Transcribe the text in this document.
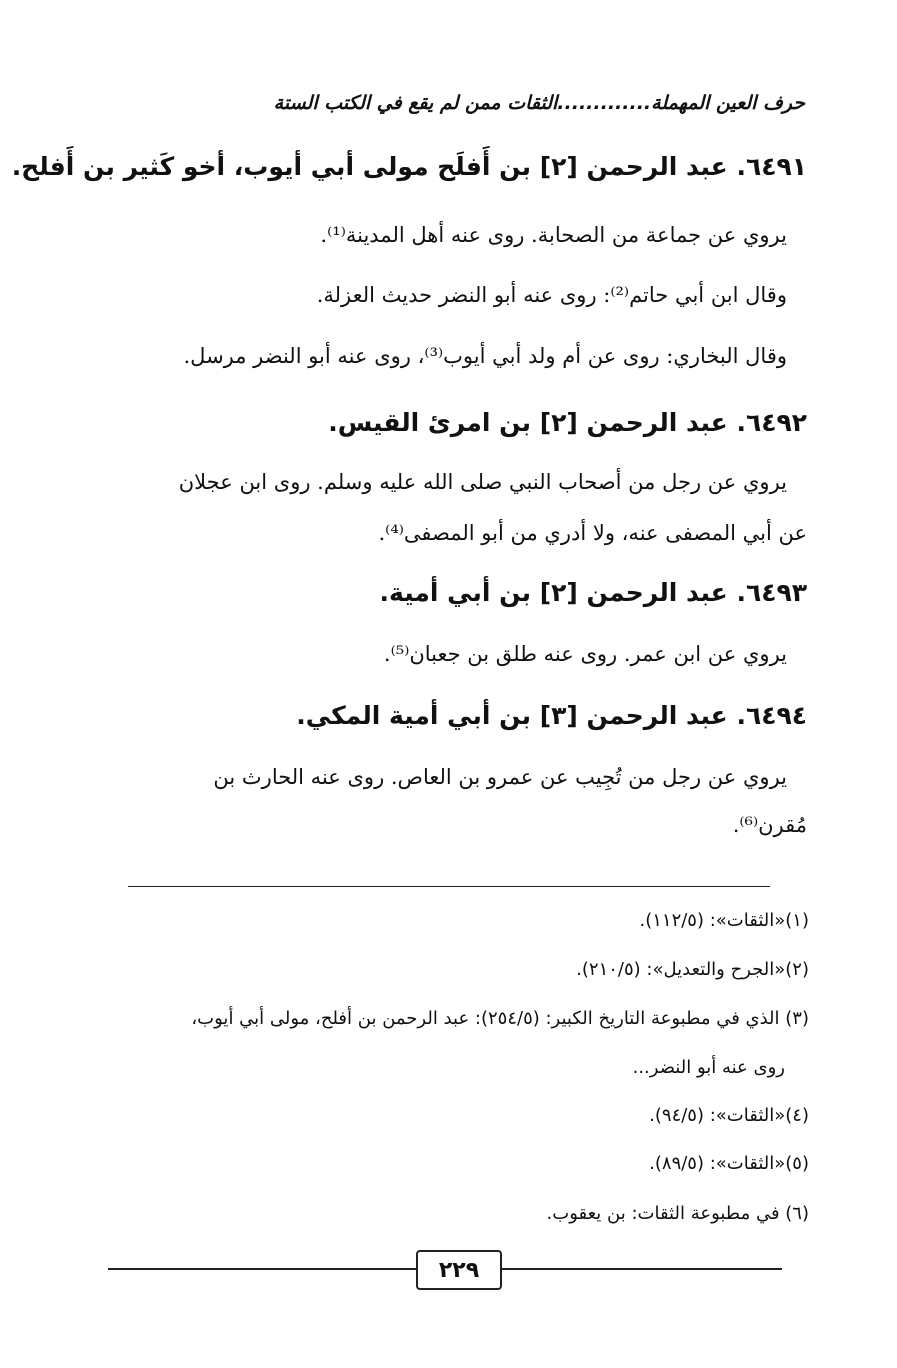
حرف العين المهملة.............الثقات ممن لم يقع في الكتب الستة
٦٤٩١. عبد الرحمن [٢] بن أَفلَح مولى أبي أيوب، أخو كَثير بن أَفلح.
يروي عن جماعة من الصحابة. روى عنه أهل المدينة⁽¹⁾.
وقال ابن أبي حاتم⁽²⁾: روى عنه أبو النضر حديث العزلة.
وقال البخاري: روى عن أم ولد أبي أيوب⁽³⁾، روى عنه أبو النضر مرسل.
٦٤٩٢. عبد الرحمن [٢] بن امرئ القيس.
يروي عن رجل من أصحاب النبي صلى الله عليه وسلم. روى ابن عجلان
عن أبي المصفى عنه، ولا أدري من أبو المصفى⁽⁴⁾.
٦٤٩٣. عبد الرحمن [٢] بن أبي أمية.
يروي عن ابن عمر. روى عنه طلق بن جعبان⁽⁵⁾.
٦٤٩٤. عبد الرحمن [٣] بن أبي أمية المكي.
يروي عن رجل من تُجِيب عن عمرو بن العاص. روى عنه الحارث بن
مُقرن⁽⁶⁾.
(١)«الثقات»: (١١٢/٥).
(٢)«الجرح والتعديل»: (٢١٠/٥).
(٣) الذي في مطبوعة التاريخ الكبير: (٢٥٤/٥): عبد الرحمن بن أفلح، مولى أبي أيوب،
روى عنه أبو النضر...
(٤)«الثقات»: (٩٤/٥).
(٥)«الثقات»: (٨٩/٥).
(٦) في مطبوعة الثقات: بن يعقوب.
٢٢٩
